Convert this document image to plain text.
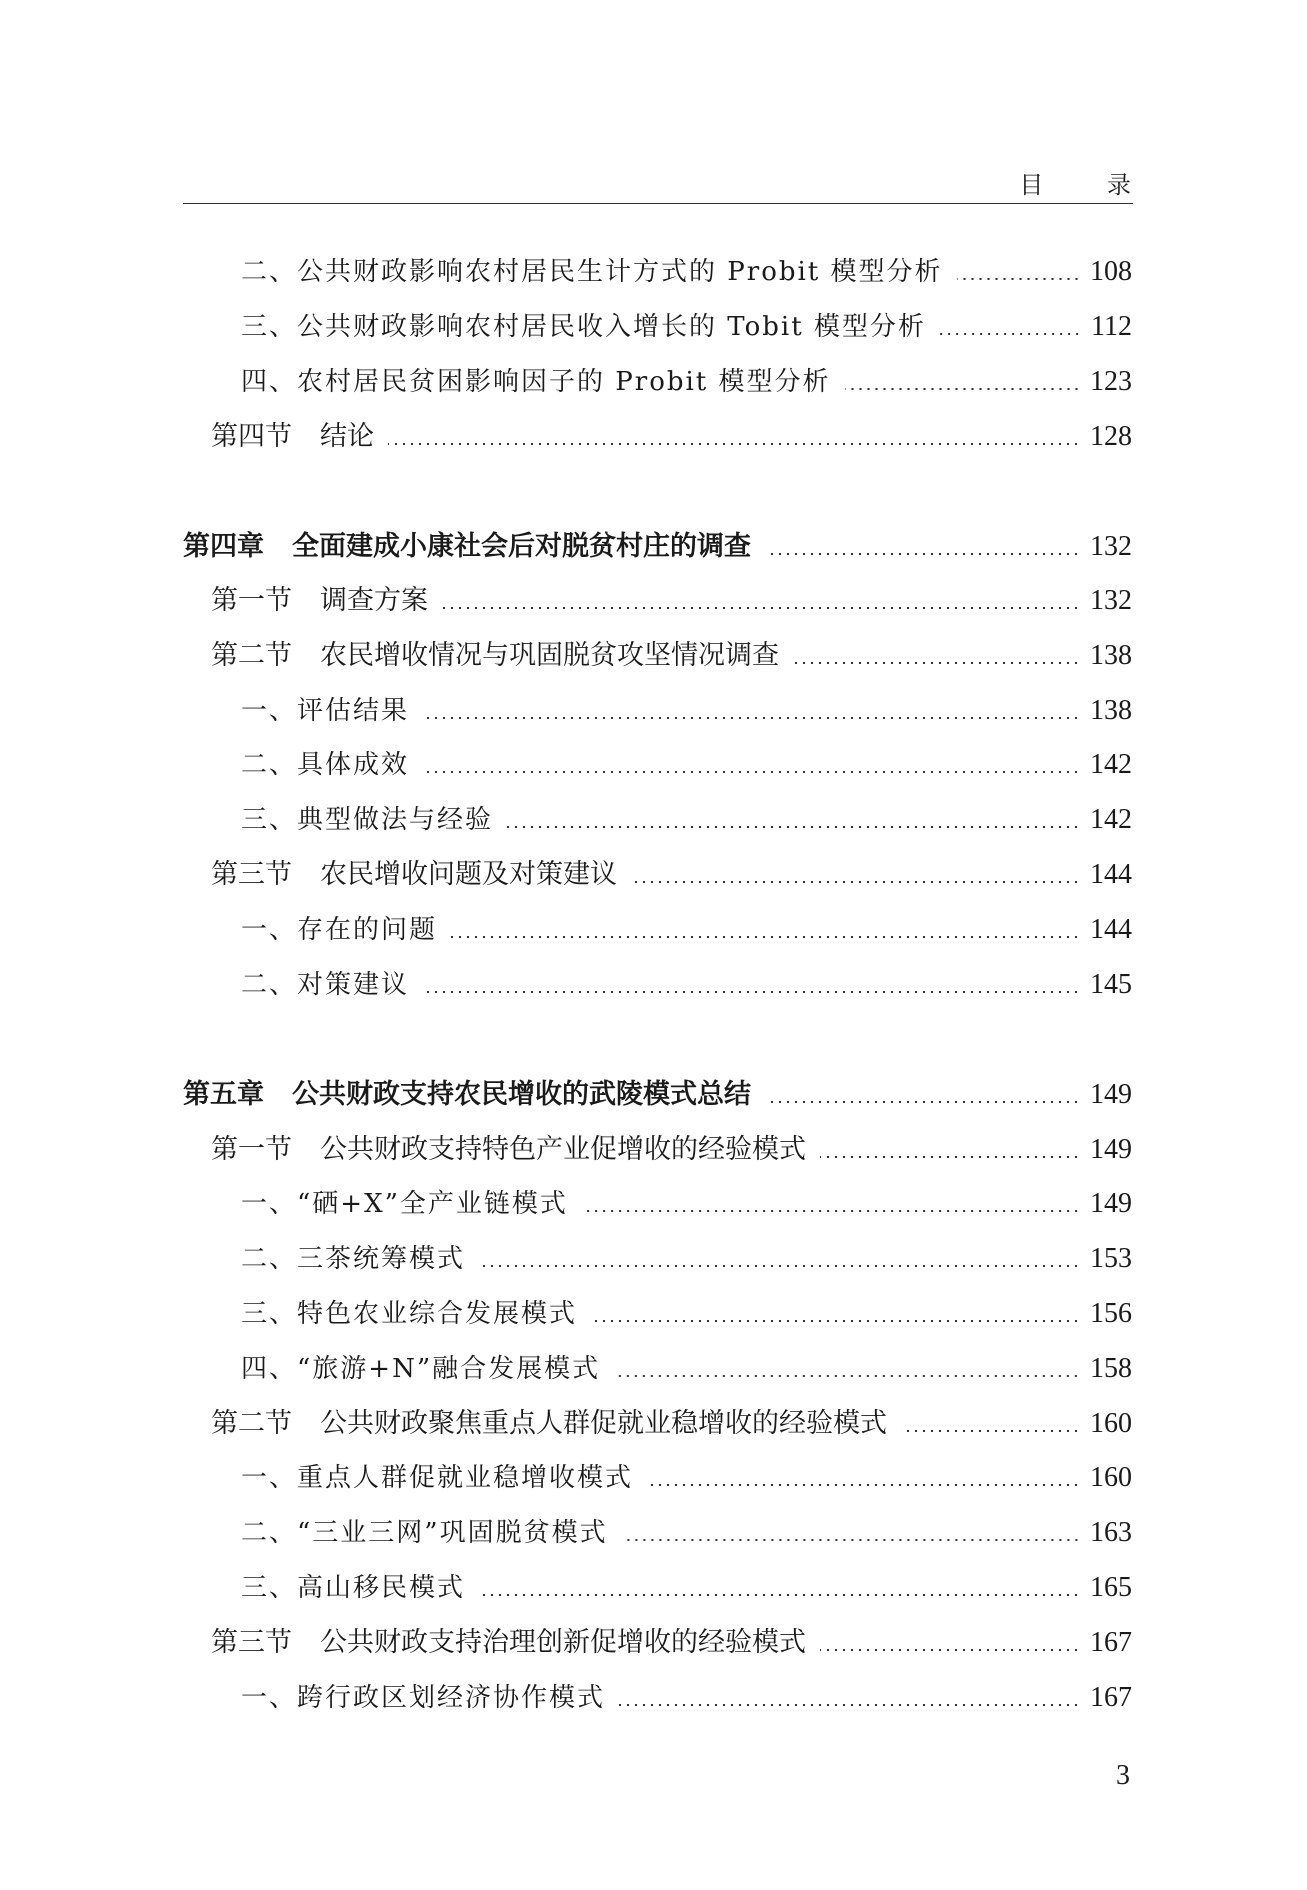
目 录
二、公共财政影响农村居民生计方式的 Probit 模型分析	108
三、公共财政影响农村居民收入增长的 Tobit 模型分析	112
四、农村居民贫困影响因子的 Probit 模型分析	123
第四节 结论	128
第四章 全面建成小康社会后对脱贫村庄的调查	132
第一节 调查方案	132
第二节 农民增收情况与巩固脱贫攻坚情况调查	138
一、评估结果	138
二、具体成效	142
三、典型做法与经验	142
第三节 农民增收问题及对策建议	144
一、存在的问题	144
二、对策建议	145
第五章 公共财政支持农民增收的武陵模式总结	149
第一节 公共财政支持特色产业促增收的经验模式	149
一、“硒+X”全产业链模式	149
二、三茶统筹模式	153
三、特色农业综合发展模式	156
四、“旅游+N”融合发展模式	158
第二节 公共财政聚焦重点人群促就业稳增收的经验模式	160
一、重点人群促就业稳增收模式	160
二、“三业三网”巩固脱贫模式	163
三、高山移民模式	165
第三节 公共财政支持治理创新促增收的经验模式	167
一、跨行政区划经济协作模式	167
3
